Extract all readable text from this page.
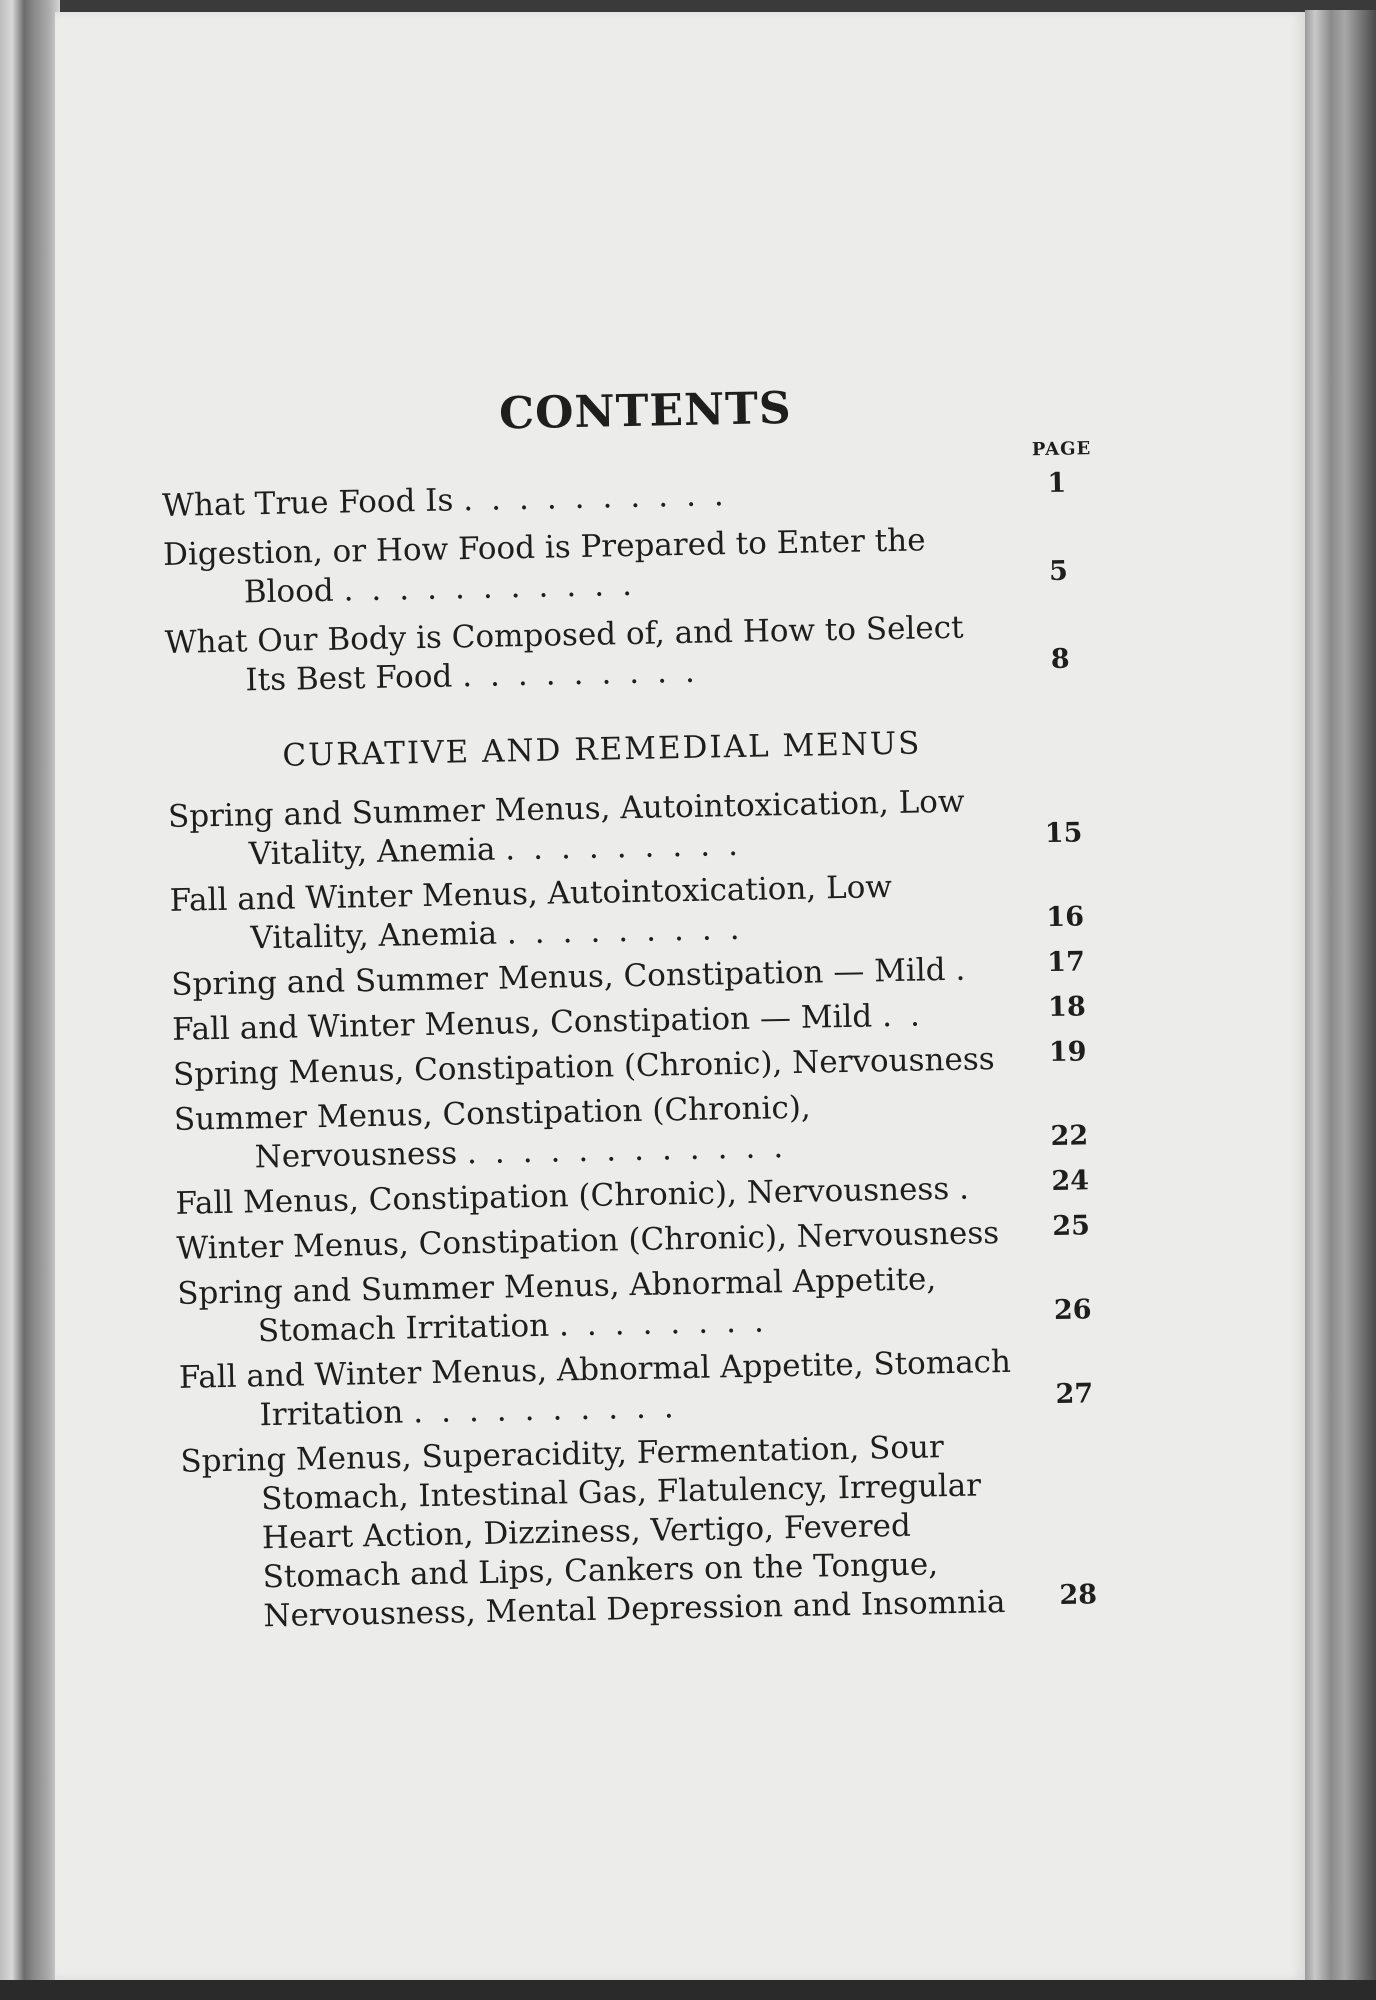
CONTENTS
PAGE
What True Food Is ..........	1
Digestion, or How Food is Prepared to Enter the Blood ...........	5
What Our Body is Composed of, and How to Select Its Best Food .........	8
CURATIVE AND REMEDIAL MENUS
Spring and Summer Menus, Autointoxication, Low Vitality, Anemia .........	15
Fall and Winter Menus, Autointoxication, Low Vitality, Anemia .........	16
Spring and Summer Menus, Constipation — Mild .	17
Fall and Winter Menus, Constipation — Mild ..	18
Spring Menus, Constipation (Chronic), Nervousness	19
Summer Menus, Constipation (Chronic), Nervousness ............	22
Fall Menus, Constipation (Chronic), Nervousness .	24
Winter Menus, Constipation (Chronic), Nervousness	25
Spring and Summer Menus, Abnormal Appetite, Stomach Irritation ........	26
Fall and Winter Menus, Abnormal Appetite, Stomach Irritation ..........	27
Spring Menus, Superacidity, Fermentation, Sour Stomach, Intestinal Gas, Flatulency, Irregular Heart Action, Dizziness, Vertigo, Fevered Stomach and Lips, Cankers on the Tongue, Nervousness, Mental Depression and Insomnia	28
